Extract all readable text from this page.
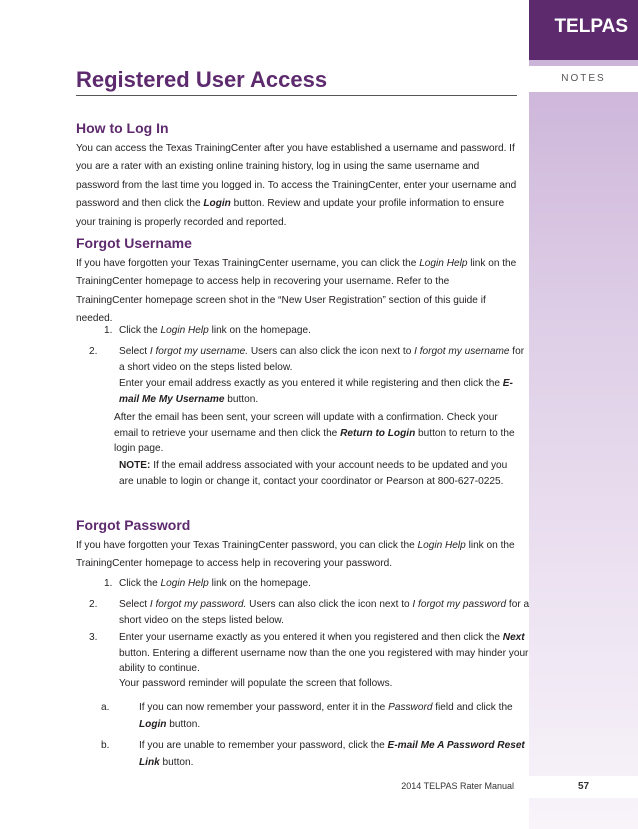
TELPAS
NOTES
57
Registered User Access
How to Log In

You can access the Texas TrainingCenter after you have established a username and password. If you are a rater with an existing online training history, log in using the same username and password from the last time you logged in. To access the TrainingCenter, enter your username and password and then click the Login button. Review and update your profile information to ensure your training is properly recorded and reported.

Forgot Username

If you have forgotten your Texas TrainingCenter username, you can click the Login Help link on the TrainingCenter homepage to access help in recovering your username. Refer to the TrainingCenter homepage screen shot in the “New User Registration” section of this guide if needed.

1. Click the Login Help link on the homepage.

2. Select I forgot my username. Users can also click the icon next to I forgot my username for a short video on the steps listed below.

Enter your email address exactly as you entered it while registering and then click the E-mail Me My Username button.

After the email has been sent, your screen will update with a confirmation. Check your email to retrieve your username and then click the Return to Login button to return to the login page.

NOTE: If the email address associated with your account needs to be updated and you are unable to login or change it, contact your coordinator or Pearson at 800-627-0225.

Forgot Password

If you have forgotten your Texas TrainingCenter password, you can click the Login Help link on the TrainingCenter homepage to access help in recovering your password.

1. Click the Login Help link on the homepage.

2. Select I forgot my password. Users can also click the icon next to I forgot my password for a short video on the steps listed below.

3. Enter your username exactly as you entered it when you registered and then click the Next button. Entering a different username now than the one you registered with may hinder your ability to continue.

Your password reminder will populate the screen that follows.

a.	If you can now remember your password, enter it in the Password field and click the Login button.

b.	If you are unable to remember your password, click the E-mail Me A Password Reset Link button.

2014 TELPAS Rater Manual
